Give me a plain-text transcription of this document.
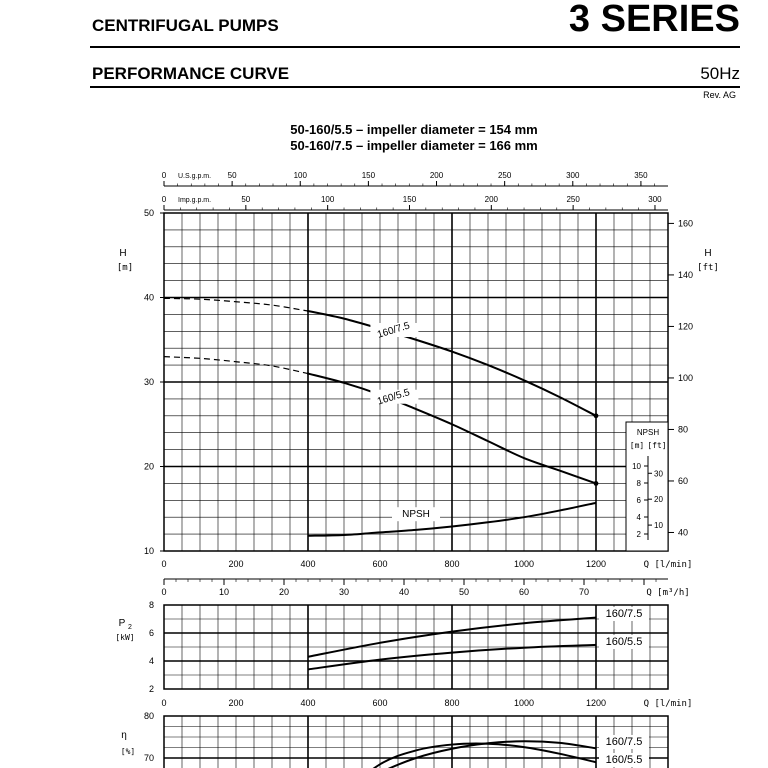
CENTRIFUGAL PUMPS	3 SERIES
PERFORMANCE CURVE	50Hz
Rev. AG
50-160/5.5 – impeller diameter = 154 mm
50-160/7.5 – impeller diameter = 166 mm
10
20
30
40
50
H
[m]
40
60
80
100
120
140
160
H
[ft]
0	200	400	600	800	1000	1200	Q [l/min]
0	50	100	150	200	250	300	350
U.S.g.p.m.
0	50	100	150	200	250	300
Imp.g.p.m.
160/7.5
160/5.5
NPSH
NPSH
[m] [ft]
2
4
6
8
10
10
20
30
0	10	20	30	40	50	60	70	Q [m³/h]
2
4
6
8
P 2
[kW]
0	200	400	600	800	1000	1200	Q [l/min]
160/7.5
160/5.5
70
80
η
[%]
160/7.5
160/5.5
